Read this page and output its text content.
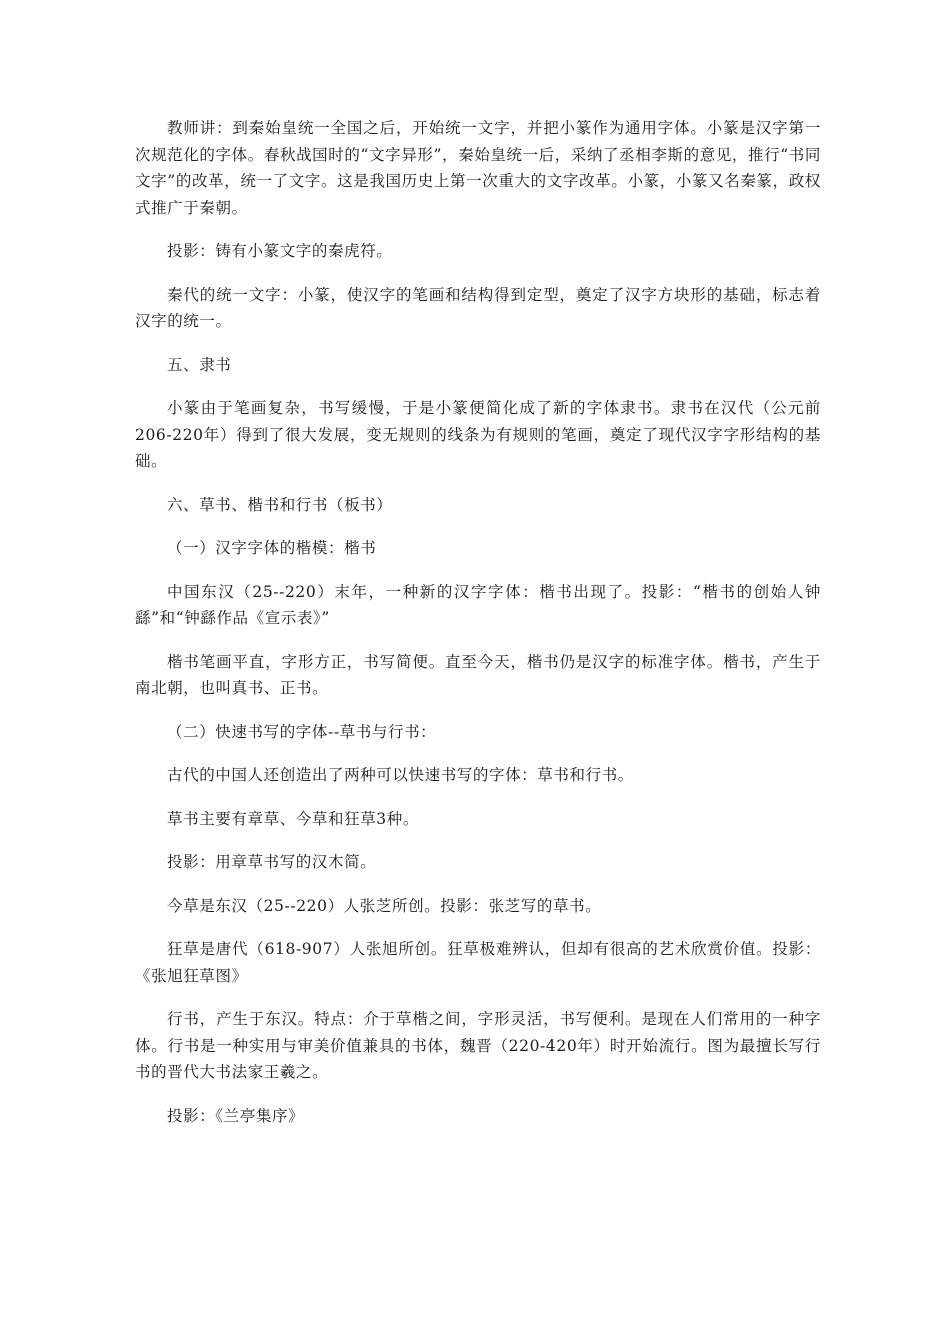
教师讲：到秦始皇统一全国之后，开始统一文字，并把小篆作为通用字体。小篆是汉字第一次规范化的字体。春秋战国时的“文字异形”，秦始皇统一后，采纳了丞相李斯的意见，推行“书同文字”的改革，统一了文字。这是我国历史上第一次重大的文字改革。小篆，小篆又名秦篆，政权式推广于秦朝。

投影：铸有小篆文字的秦虎符。

秦代的统一文字：小篆，使汉字的笔画和结构得到定型，奠定了汉字方块形的基础，标志着汉字的统一。

五、隶书

小篆由于笔画复杂，书写缓慢，于是小篆便简化成了新的字体隶书。隶书在汉代（公元前206-220年）得到了很大发展，变无规则的线条为有规则的笔画，奠定了现代汉字字形结构的基础。

六、草书、楷书和行书（板书）

（一）汉字字体的楷模：楷书

中国东汉（25--220）末年，一种新的汉字字体：楷书出现了。投影：“楷书的创始人钟繇”和“钟繇作品《宣示表》”

楷书笔画平直，字形方正，书写简便。直至今天，楷书仍是汉字的标准字体。楷书，产生于南北朝，也叫真书、正书。

（二）快速书写的字体--草书与行书：

古代的中国人还创造出了两种可以快速书写的字体：草书和行书。

草书主要有章草、今草和狂草3种。

投影：用章草书写的汉木简。

今草是东汉（25--220）人张芝所创。投影：张芝写的草书。

狂草是唐代（618-907）人张旭所创。狂草极难辨认，但却有很高的艺术欣赏价值。投影：《张旭狂草图》

行书，产生于东汉。特点：介于草楷之间，字形灵活，书写便利。是现在人们常用的一种字体。行书是一种实用与审美价值兼具的书体，魏晋（220-420年）时开始流行。图为最擅长写行书的晋代大书法家王羲之。

投影：《兰亭集序》
